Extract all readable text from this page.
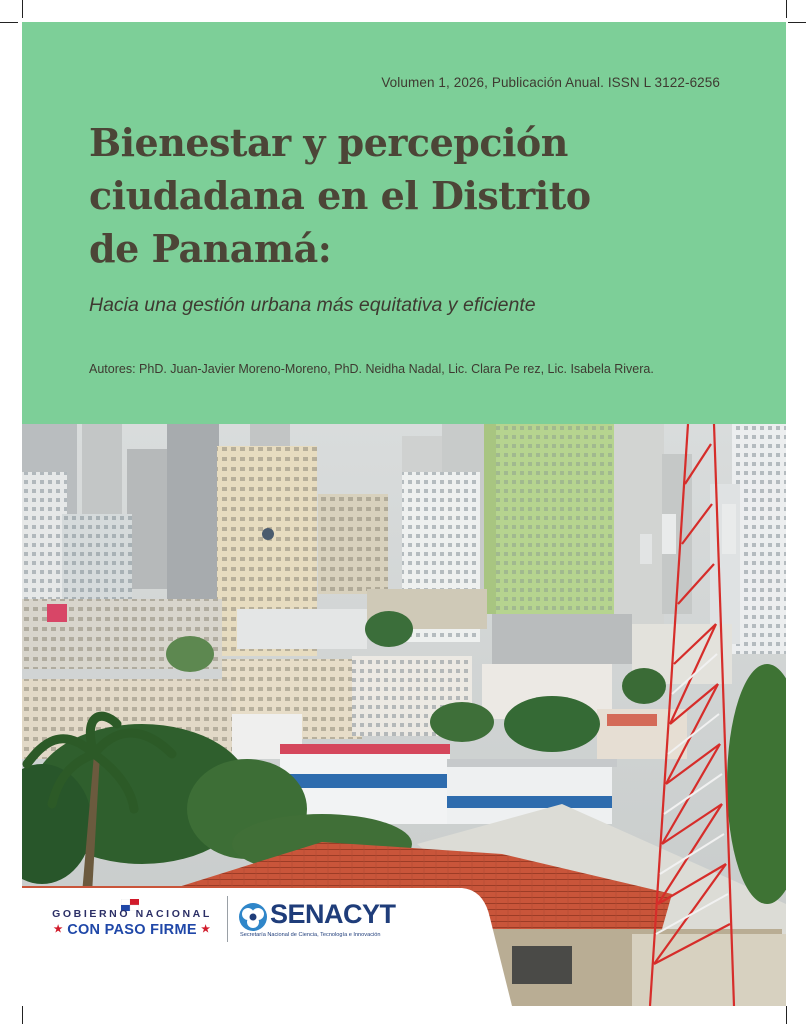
Volumen 1, 2026, Publicación Anual. ISSN L 3122-6256
Bienestar y percepción ciudadana en el Distrito de Panamá:
Hacia una gestión urbana más equitativa y eficiente
Autores: PhD. Juan-Javier Moreno-Moreno, PhD. Neidha Nadal, Lic. Clara Pe rez, Lic. Isabela Rivera.
GOBIERNO NACIONAL
★ CON PASO FIRME ★
SENACYT
Secretaría Nacional de Ciencia, Tecnología e Innovación
